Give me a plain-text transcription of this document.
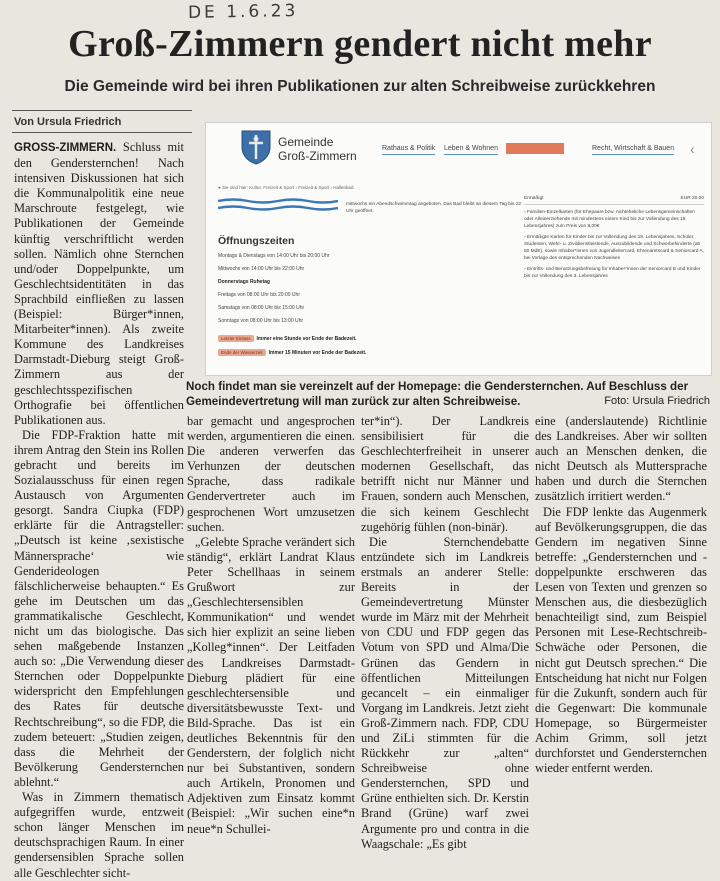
DE 1.6.23
Groß-Zimmern gendert nicht mehr
Die Gemeinde wird bei ihren Publikationen zur alten Schreibweise zurückkehren
Von Ursula Friedrich

GROSS-ZIMMERN. Schluss mit den Gendersternchen! Nach intensiven Diskussionen hat sich die Kommunalpolitik eine neue Marschroute festgelegt, wie Publikationen der Gemeinde künftig verschriftlicht werden sollen. Nämlich ohne Sternchen und/oder Doppelpunkte, um Geschlechtsidentitäten in das Sprachbild einfließen zu lassen (Beispiel: Bürger*innen, Mitarbeiter*innen). Als zweite Kommune des Landkreises Darmstadt-Dieburg steigt Groß-Zimmern aus der geschlechtsspezifischen Orthografie bei öffentlichen Publikationen aus.

Die FDP-Fraktion hatte mit ihrem Antrag den Stein ins Rollen gebracht und bereits im Sozialausschuss für einen regen Austausch von Argumenten gesorgt. Sandra Ciupka (FDP) erklärte für die Antragsteller: „Deutsch ist keine ‚sexistische Männersprache‘ wie Genderideologen fälschlicherweise behaupten.“ Es gehe im Deutschen um das grammatikalische Geschlecht, nicht um das biologische. Das sehen maßgebende Instanzen auch so: „Die Verwendung dieser Sternchen oder Doppelpunkte widerspricht den Empfehlungen des Rates für deutsche Rechtschreibung“, so die FDP, die zudem beteuert: „Studien zeigen, dass die Mehrheit der Bevölkerung Gendersternchen ablehnt.“

Was in Zimmern thematisch aufgegriffen wurde, entzweit schon länger Menschen im deutschsprachigen Raum. In einer gendersensiblen Sprache sollen alle Geschlechter sicht-

Gemeinde
Groß-Zimmern
Rathaus & Politik Leben & Wohnen	Kultur & Freizeit	Recht, Wirtschaft & Bauen ‹
● Sie sind hier: Kultur, Freizeit & Sport › Freizeit & Sport › Hallenbad
mittwochs ein Abendschwimmtag angeboten. Das Bad bleibt an diesem Tag bis 22 Uhr geöffnet.
Öffnungszeiten
Montags & Dienstags von 14:00 Uhr bis 20:00 Uhr
Mittwochs von 14:00 Uhr bis 22:00 Uhr
Donnerstags Ruhetag
Freitags von 08:00 Uhr bis 20:00 Uhr
Samstags von 08:00 Uhr bis 15:00 Uhr
Sonntags von 08:00 Uhr bis 13:00 Uhr
Letzter Einlass Immer eine Stunde vor Ende der Badezeit.
Ende der Wasserzeit Immer 15 Minuten vor Ende der Badezeit.
Ermäßigt	EUR 20,00
› Familien-Einzelkarten (für Ehepaare bzw. nichteheliche Lebensgemeinschaften oder Alleinerziehende mit mindestens einem Kind bis zur Vollendung des 18. Lebensjahres) zum Preis von 8,00€
› Ermäßigte Karten für Kinder bis zur Vollendung des 18. Lebensjahres, Schüler, Studenten, Wehr- u. Zivildienstleistende, Auszubildende und Schwerbehinderte (ab 50 MdE), sowie Inhaber*innen von Jugendleitercard, Ehrenamtscard & Seniorcard A, bei Vorlage des entsprechenden Nachweises
› Eintritts- und Benutzungsbefreiung für Inhaber*innen der Seniorcard B und Kinder bis zur Vollendung des 3. Lebensjahres
Noch findet man sie vereinzelt auf der Homepage: die Gendersternchen. Auf Beschluss der Gemeindevertretung will man zurück zur alten Schreibweise.	Foto: Ursula Friedrich

bar gemacht und angesprochen werden, argumentieren die einen. Die anderen verwerfen das Verhunzen der deutschen Sprache, dass radikale Gendervertreter auch im gesprochenen Wort umzusetzen suchen.

„Gelebte Sprache verändert sich ständig“, erklärt Landrat Klaus Peter Schellhaas in seinem Grußwort zur „Geschlechtersensiblen Kommunikation“ und wendet sich hier explizit an seine lieben „Kolleg*innen“. Der Leitfaden des Landkreises Darmstadt-Dieburg plädiert für eine geschlechtersensible und diversitätsbewusste Text- und Bild-Sprache. Das ist ein deutliches Bekenntnis für den Genderstern, der folglich nicht nur bei Substantiven, sondern auch Artikeln, Pronomen und Adjektiven zum Einsatz kommt (Beispiel: „Wir suchen eine*n neue*n Schullei-

ter*in“). Der Landkreis sensibilisiert für die Geschlechterfreiheit in unserer modernen Gesellschaft, das betrifft nicht nur Männer und Frauen, sondern auch Menschen, die sich keinem Geschlecht zugehörig fühlen (non-binär).

Die Sternchendebatte entzündete sich im Landkreis erstmals an anderer Stelle: Bereits in der Gemeindevertretung Münster wurde im März mit der Mehrheit von CDU und FDP gegen das Votum von SPD und Alma/Die Grünen das Gendern in öffentlichen Mitteilungen gecancelt – ein einmaliger Vorgang im Landkreis. Jetzt zieht Groß-Zimmern nach. FDP, CDU und ZiLi stimmten für die Rückkehr zur „alten“ Schreibweise ohne Gendersternchen, SPD und Grüne enthielten sich. Dr. Kerstin Brand (Grüne) warf zwei Argumente pro und contra in die Waagschale: „Es gibt

eine (anderslautende) Richtlinie des Landkreises. Aber wir sollten auch an Menschen denken, die nicht Deutsch als Muttersprache haben und durch die Sternchen zusätzlich irritiert werden.“

Die FDP lenkte das Augenmerk auf Bevölkerungsgruppen, die das Gendern im negativen Sinne betreffe: „Gendersternchen und -doppelpunkte erschweren das Lesen von Texten und grenzen so Menschen aus, die diesbezüglich benachteiligt sind, zum Beispiel Personen mit Lese-Rechtschreib-Schwäche oder Personen, die nicht gut Deutsch sprechen.“ Die Entscheidung hat nicht nur Folgen für die Zukunft, sondern auch für die Gegenwart: Die kommunale Homepage, so Bürgermeister Achim Grimm, soll jetzt durchforstet und Gendersternchen wieder entfernt werden.
